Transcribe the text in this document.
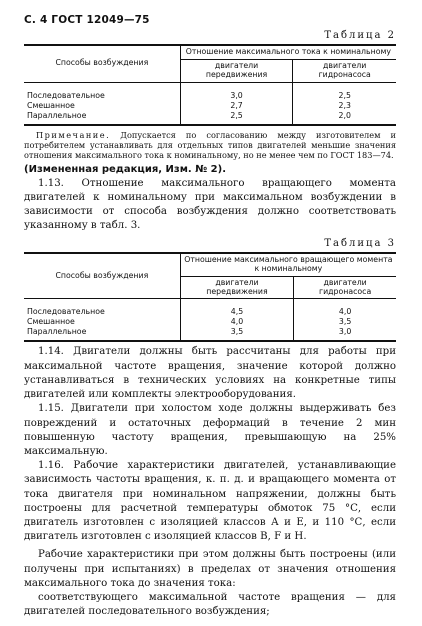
С. 4 ГОСТ 12049—75
Таблица 2
Способы возбуждения	Отношение максимального тока к номинальному	
	двигатели передвижения	двигатели гидронасоса
Последовательное	3,0	2,5
Смешанное	2,7	2,3
Параллельное	2,5	2,0
Примечание. Допускается по согласованию между изготовителем и потребителем устанавливать для отдельных типов двигателей меньшие значения отношения максимального тока к номинальному, но не менее чем по ГОСТ 183—74.
(Измененная редакция, Изм. № 2).

1.13. Отношение максимального вращающего момента двигателей к номинальному при максимальном возбуждении в зависимости от способа возбуждения должно соответствовать указанному в табл. 3.

Таблица 3
Способы возбуждения	Отношение максимального вращающего момента к номинальному	
	двигатели передвижения	двигатели гидронасоса
Последовательное	4,5	4,0
Смешанное	4,0	3,5
Параллельное	3,5	3,0

1.14. Двигатели должны быть рассчитаны для работы при максимальной частоте вращения, значение которой должно устанавливаться в технических условиях на конкретные типы двигателей или комплекты электрооборудования.

1.15. Двигатели при холостом ходе должны выдерживать без повреждений и остаточных деформаций в течение 2 мин повышенную частоту вращения, превышающую на 25% максимальную.

1.16. Рабочие характеристики двигателей, устанавливающие зависимость частоты вращения, к. п. д. и вращающего момента от тока двигателя при номинальном напряжении, должны быть построены для расчетной температуры обмоток 75 °С, если двигатель изготовлен с изоляцией классов А и Е, и 110 °С, если двигатель изготовлен с изоляцией классов В, F и Н.

Рабочие характеристики при этом должны быть построены (или получены при испытаниях) в пределах от значения отношения максимального тока до значения тока:

соответствующего максимальной частоте вращения — для двигателей последовательного возбуждения;
